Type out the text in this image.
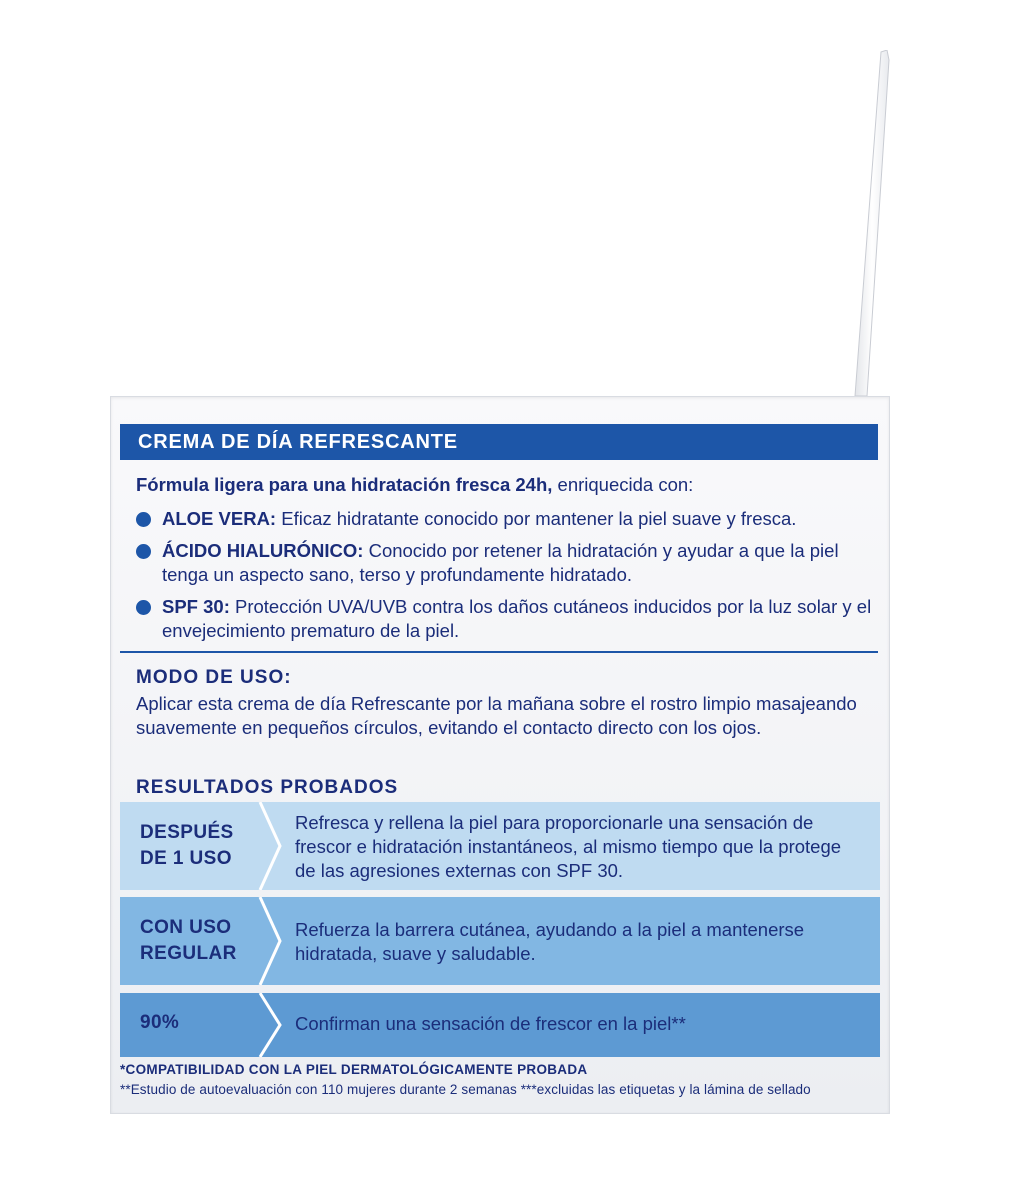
CREMA DE DÍA REFRESCANTE
Fórmula ligera para una hidratación fresca 24h, enriquecida con:
ALOE VERA: Eficaz hidratante conocido por mantener la piel suave y fresca.
ÁCIDO HIALURÓNICO: Conocido por retener la hidratación y ayudar a que la piel tenga un aspecto sano, terso y profundamente hidratado.
SPF 30: Protección UVA/UVB contra los daños cutáneos inducidos por la luz solar y el envejecimiento prematuro de la piel.
MODO DE USO:
Aplicar esta crema de día Refrescante por la mañana sobre el rostro limpio masajeando suavemente en pequeños círculos, evitando el contacto directo con los ojos.
RESULTADOS PROBADOS
DESPUÉS
DE 1 USO
Refresca y rellena la piel para proporcionarle una sensación de frescor e hidratación instantáneos, al mismo tiempo que la protege de las agresiones externas con SPF 30.
CON USO
REGULAR
Refuerza la barrera cutánea, ayudando a la piel a mantenerse hidratada, suave y saludable.
90%	Confirman una sensación de frescor en la piel**
*COMPATIBILIDAD CON LA PIEL DERMATOLÓGICAMENTE PROBADA
**Estudio de autoevaluación con 110 mujeres durante 2 semanas ***excluidas las etiquetas y la lámina de sellado
